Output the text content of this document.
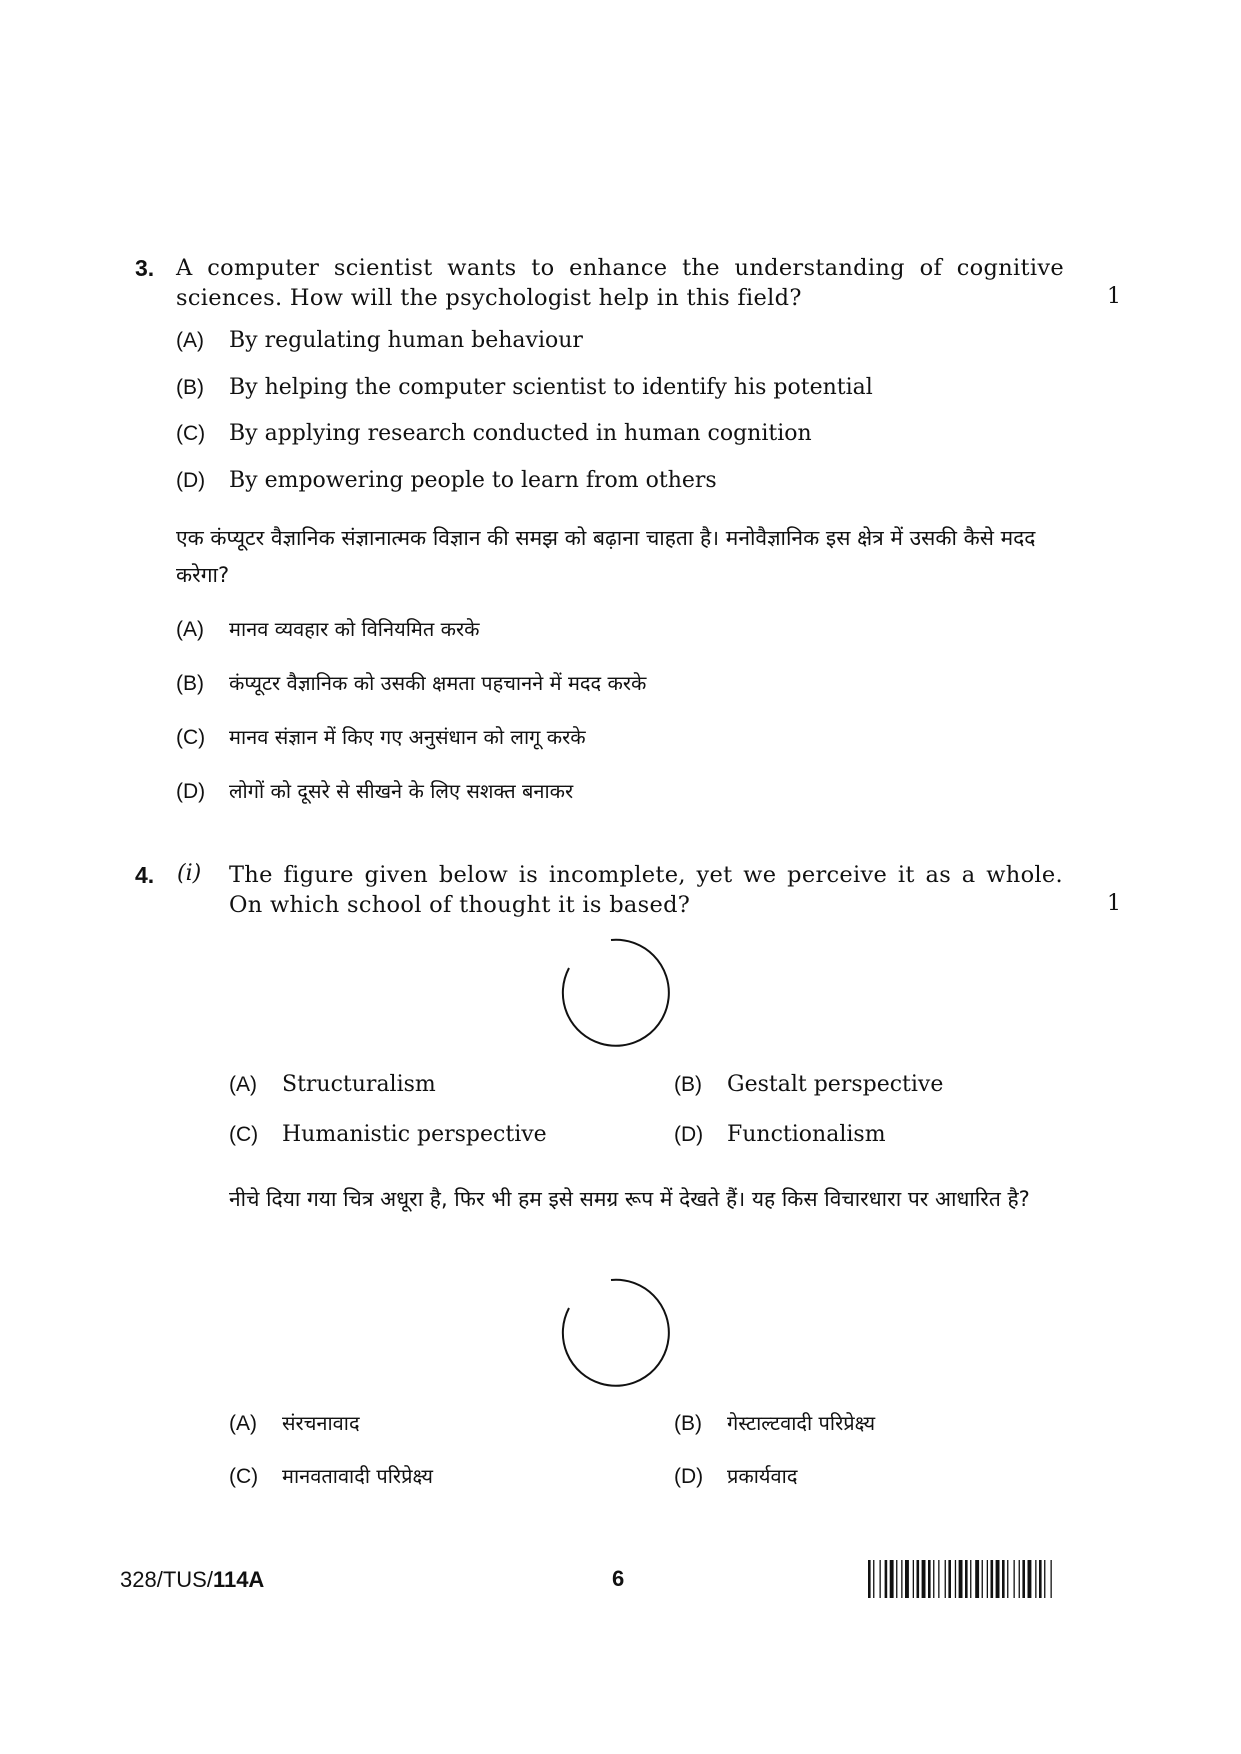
3. A computer scientist wants to enhance the understanding of cognitive sciences. How will the psychologist help in this field?	1
(A) By regulating human behaviour
(B) By helping the computer scientist to identify his potential
(C) By applying research conducted in human cognition
(D) By empowering people to learn from others
एक कंप्यूटर वैज्ञानिक संज्ञानात्मक विज्ञान की समझ को बढ़ाना चाहता है। मनोवैज्ञानिक इस क्षेत्र में उसकी कैसे मदद करेगा?
(A) मानव व्यवहार को विनियमित करके
(B) कंप्यूटर वैज्ञानिक को उसकी क्षमता पहचानने में मदद करके
(C) मानव संज्ञान में किए गए अनुसंधान को लागू करके
(D) लोगों को दूसरे से सीखने के लिए सशक्त बनाकर
4. (i) The figure given below is incomplete, yet we perceive it as a whole. On which school of thought it is based?	1
(A) Structuralism	(B) Gestalt perspective
(C) Humanistic perspective	(D) Functionalism
नीचे दिया गया चित्र अधूरा है, फिर भी हम इसे समग्र रूप में देखते हैं। यह किस विचारधारा पर आधारित है?
(A) संरचनावाद	(B) गेस्टाल्टवादी परिप्रेक्ष्य
(C) मानवतावादी परिप्रेक्ष्य	(D) प्रकार्यवाद
328/TUS/114A	6
